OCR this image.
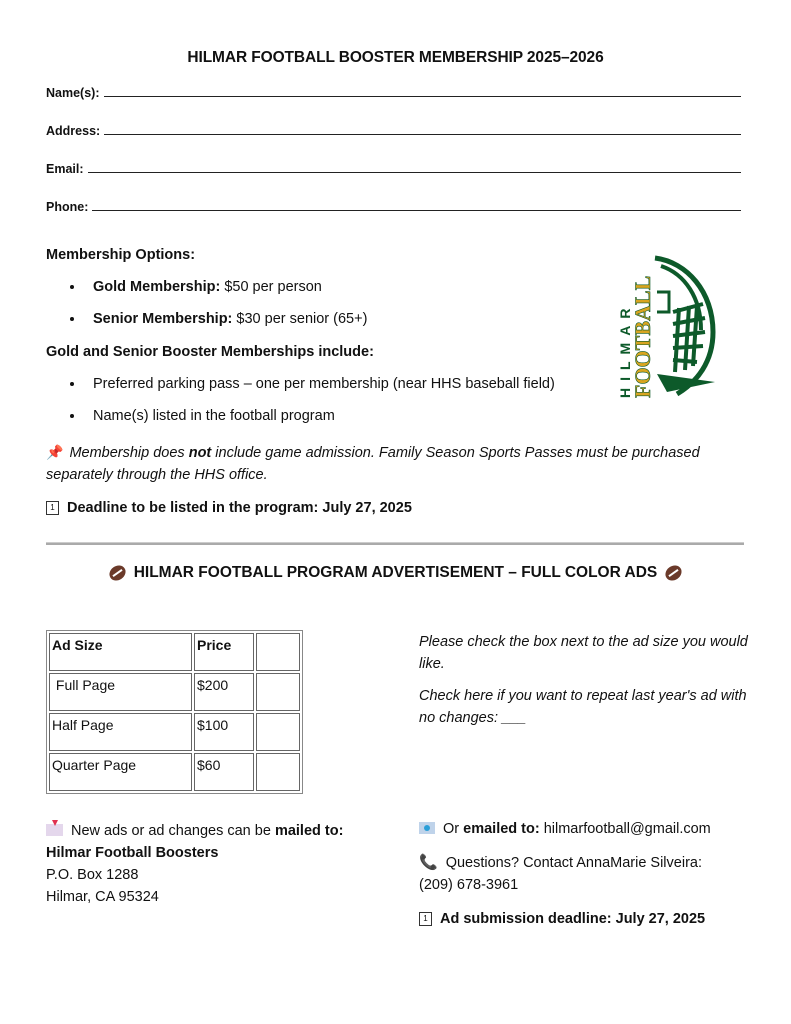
HILMAR FOOTBALL BOOSTER MEMBERSHIP 2025–2026
Name(s):
Address:
Email:
Phone:
Membership Options:
Gold Membership: $50 per person
Senior Membership: $30 per senior (65+)
Gold and Senior Booster Memberships include:
Preferred parking pass – one per membership (near HHS baseball field)
Name(s) listed in the football program
HILMAR
FOOTBALL
📌 Membership does not include game admission. Family Season Sports Passes must be purchased separately through the HHS office.
1 Deadline to be listed in the program: July 27, 2025
HILMAR FOOTBALL PROGRAM ADVERTISEMENT – FULL COLOR ADS
Ad Size	Price	
Full Page	$200	
Half Page	$100	
Quarter Page	$60	
Please check the box next to the ad size you would like.
Check here if you want to repeat last year's ad with no changes: ___
New ads or ad changes can be mailed to:
Hilmar Football Boosters
P.O. Box 1288
Hilmar, CA 95324
Or emailed to: hilmarfootball@gmail.com
📞 Questions? Contact AnnaMarie Silveira:
(209) 678-3961
1 Ad submission deadline: July 27, 2025
